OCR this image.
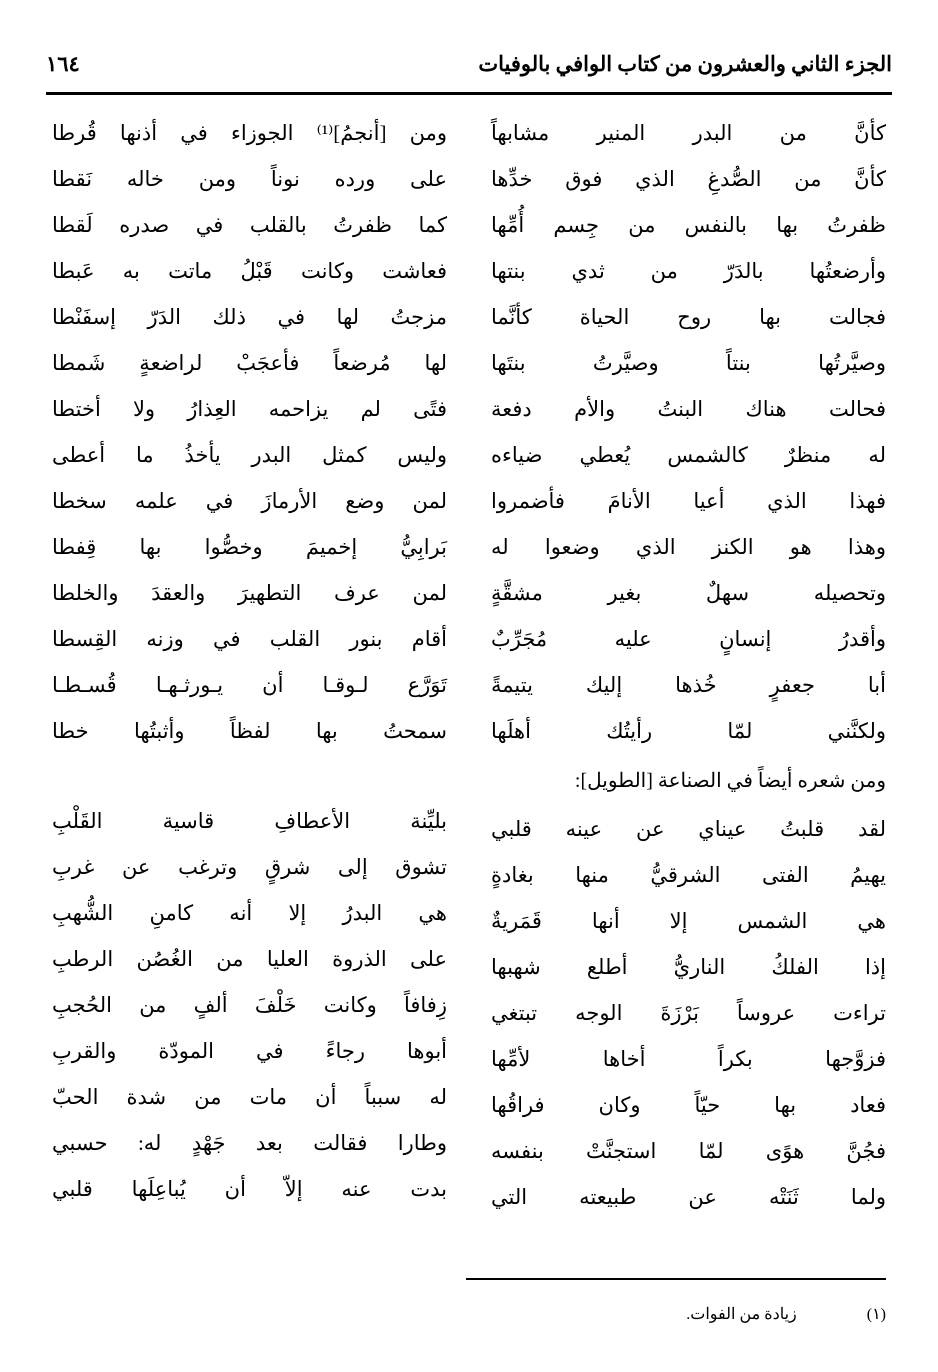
الجزء الثاني والعشرون من كتاب الوافي بالوفيات
١٦٤
كأنَّ من البدر المنير مشابهاً
كأنَّ من الصُّدغِ الذي فوق خدِّها
ظفرتُ بها بالنفس من جِسم أُمِّها
وأرضعتُها بالدَرّ من ثدي بنتها
فجالت بها روح الحياة كأنَّما
وصيَّرتُها بنتاً وصيَّرتُ بنتَها
فحالت هناك البنتُ والأم دفعة
له منظرٌ كالشمس يُعطي ضياءه
فهذا الذي أعيا الأنامَ فأضمروا
وهذا هو الكنز الذي وضعوا له
وتحصيله سهلٌ بغير مشقَّةٍ
وأقدرُ إنسانٍ عليه مُجَرِّبٌ
أبا جعفرٍ خُذها إليك يتيمةً
ولكنَّني لمّا رأيتُك أهلَها
ومن شعره أيضاً في الصناعة [الطويل]:
لقد قلبتُ عيناي عن عينه قلبي
يهيمُ الفتى الشرقيُّ منها بغادةٍ
هي الشمس إلا أنها قَمَريةٌ
إذا الفلكُ الناريُّ أطلع شهبها
تراءت عروساً بَرْزَةَ الوجه تبتغي
فزوَّجها بكراً أخاها لأمِّها
فعاد بها حيّاً وكان فراقُها
فجُنَّ هوًى لمّا استجنَّتْ بنفسه
ولما ثَنَتْه عن طبيعته التي
ومن [أنجمُ]⁽¹⁾ الجوزاء في أذنها قُرطا
على ورده نوناً ومن خاله نَقطا
كما ظفرتُ بالقلب في صدره لَقطا
فعاشت وكانت قَبْلُ ماتت به عَبطا
مزجتُ لها في ذلك الدَرّ إسفَنْطا
لها مُرضعاً فأعجَبْ لراضعةٍ شَمطا
فتًى لم يزاحمه العِذارُ ولا أختطا
وليس كمثل البدر يأخذُ ما أعطى
لمن وضع الأرمازَ في علمه سخطا
بَرابِيُّ إخميمَ وخصُّوا بها قِفطا
لمن عرف التطهيرَ والعقدَ والخلطا
أقام بنور القلب في وزنه القِسطا
تَوَرَّع لـوقـا أن يـورثـهـا قُسـطـا
سمحتُ بها لفظاً وأثبتُها خطا
بليِّنة الأعطافِ قاسية القَلْبِ
تشوق إلى شرقٍ وترغب عن غربِ
هي البدرُ إلا أنه كامنِ الشُّهبِ
على الذروة العليا من الغُصُن الرطبِ
زِفافاً وكانت خَلْفَ ألفٍ من الحُجبِ
أبوها رجاءً في المودّة والقربِ
له سبباً أن مات من شدة الحبّ
وطارا فقالت بعد جَهْدٍ له: حسبي
بدت عنه إلاّ أن يُباعِلَها قلبي
(١)
زيادة من الفوات.
